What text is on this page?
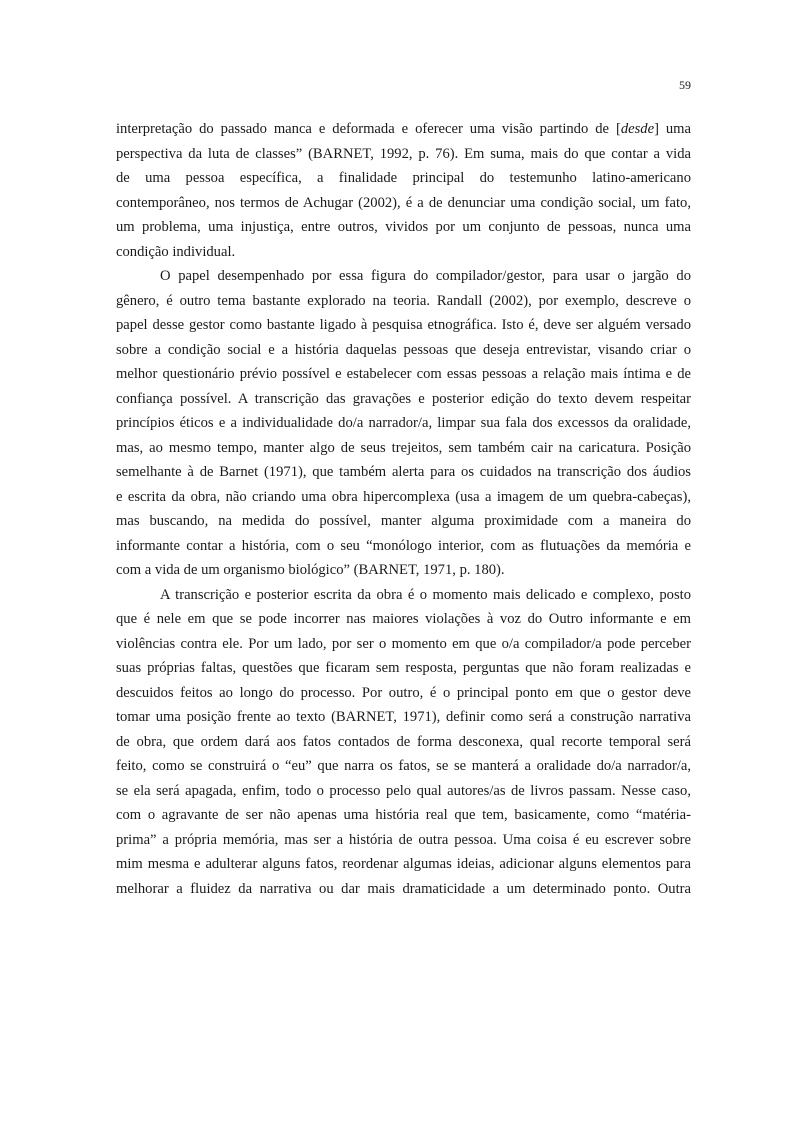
59

interpretação do passado manca e deformada e oferecer uma visão partindo de [desde] uma
perspectiva da luta de classes” (BARNET, 1992, p. 76). Em suma, mais do que contar a vida
de uma pessoa específica, a finalidade principal do testemunho latino-americano
contemporâneo, nos termos de Achugar (2002), é a de denunciar uma condição social, um fato,
um problema, uma injustiça, entre outros, vividos por um conjunto de pessoas, nunca uma
condição individual.

O papel desempenhado por essa figura do compilador/gestor, para usar o jargão do
gênero, é outro tema bastante explorado na teoria. Randall (2002), por exemplo, descreve o
papel desse gestor como bastante ligado à pesquisa etnográfica. Isto é, deve ser alguém versado
sobre a condição social e a história daquelas pessoas que deseja entrevistar, visando criar o
melhor questionário prévio possível e estabelecer com essas pessoas a relação mais íntima e de
confiança possível. A transcrição das gravações e posterior edição do texto devem respeitar
princípios éticos e a individualidade do/a narrador/a, limpar sua fala dos excessos da oralidade,
mas, ao mesmo tempo, manter algo de seus trejeitos, sem também cair na caricatura. Posição
semelhante à de Barnet (1971), que também alerta para os cuidados na transcrição dos áudios
e escrita da obra, não criando uma obra hipercomplexa (usa a imagem de um quebra-cabeças),
mas buscando, na medida do possível, manter alguma proximidade com a maneira do
informante contar a história, com o seu “monólogo interior, com as flutuações da memória e
com a vida de um organismo biológico” (BARNET, 1971, p. 180).

A transcrição e posterior escrita da obra é o momento mais delicado e complexo, posto
que é nele em que se pode incorrer nas maiores violações à voz do Outro informante e em
violências contra ele. Por um lado, por ser o momento em que o/a compilador/a pode perceber
suas próprias faltas, questões que ficaram sem resposta, perguntas que não foram realizadas e
descuidos feitos ao longo do processo. Por outro, é o principal ponto em que o gestor deve
tomar uma posição frente ao texto (BARNET, 1971), definir como será a construção narrativa
de obra, que ordem dará aos fatos contados de forma desconexa, qual recorte temporal será
feito, como se construirá o “eu” que narra os fatos, se se manterá a oralidade do/a narrador/a,
se ela será apagada, enfim, todo o processo pelo qual autores/as de livros passam. Nesse caso,
com o agravante de ser não apenas uma história real que tem, basicamente, como “matéria-
prima” a própria memória, mas ser a história de outra pessoa. Uma coisa é eu escrever sobre
mim mesma e adulterar alguns fatos, reordenar algumas ideias, adicionar alguns elementos para
melhorar a fluidez da narrativa ou dar mais dramaticidade a um determinado ponto. Outra
